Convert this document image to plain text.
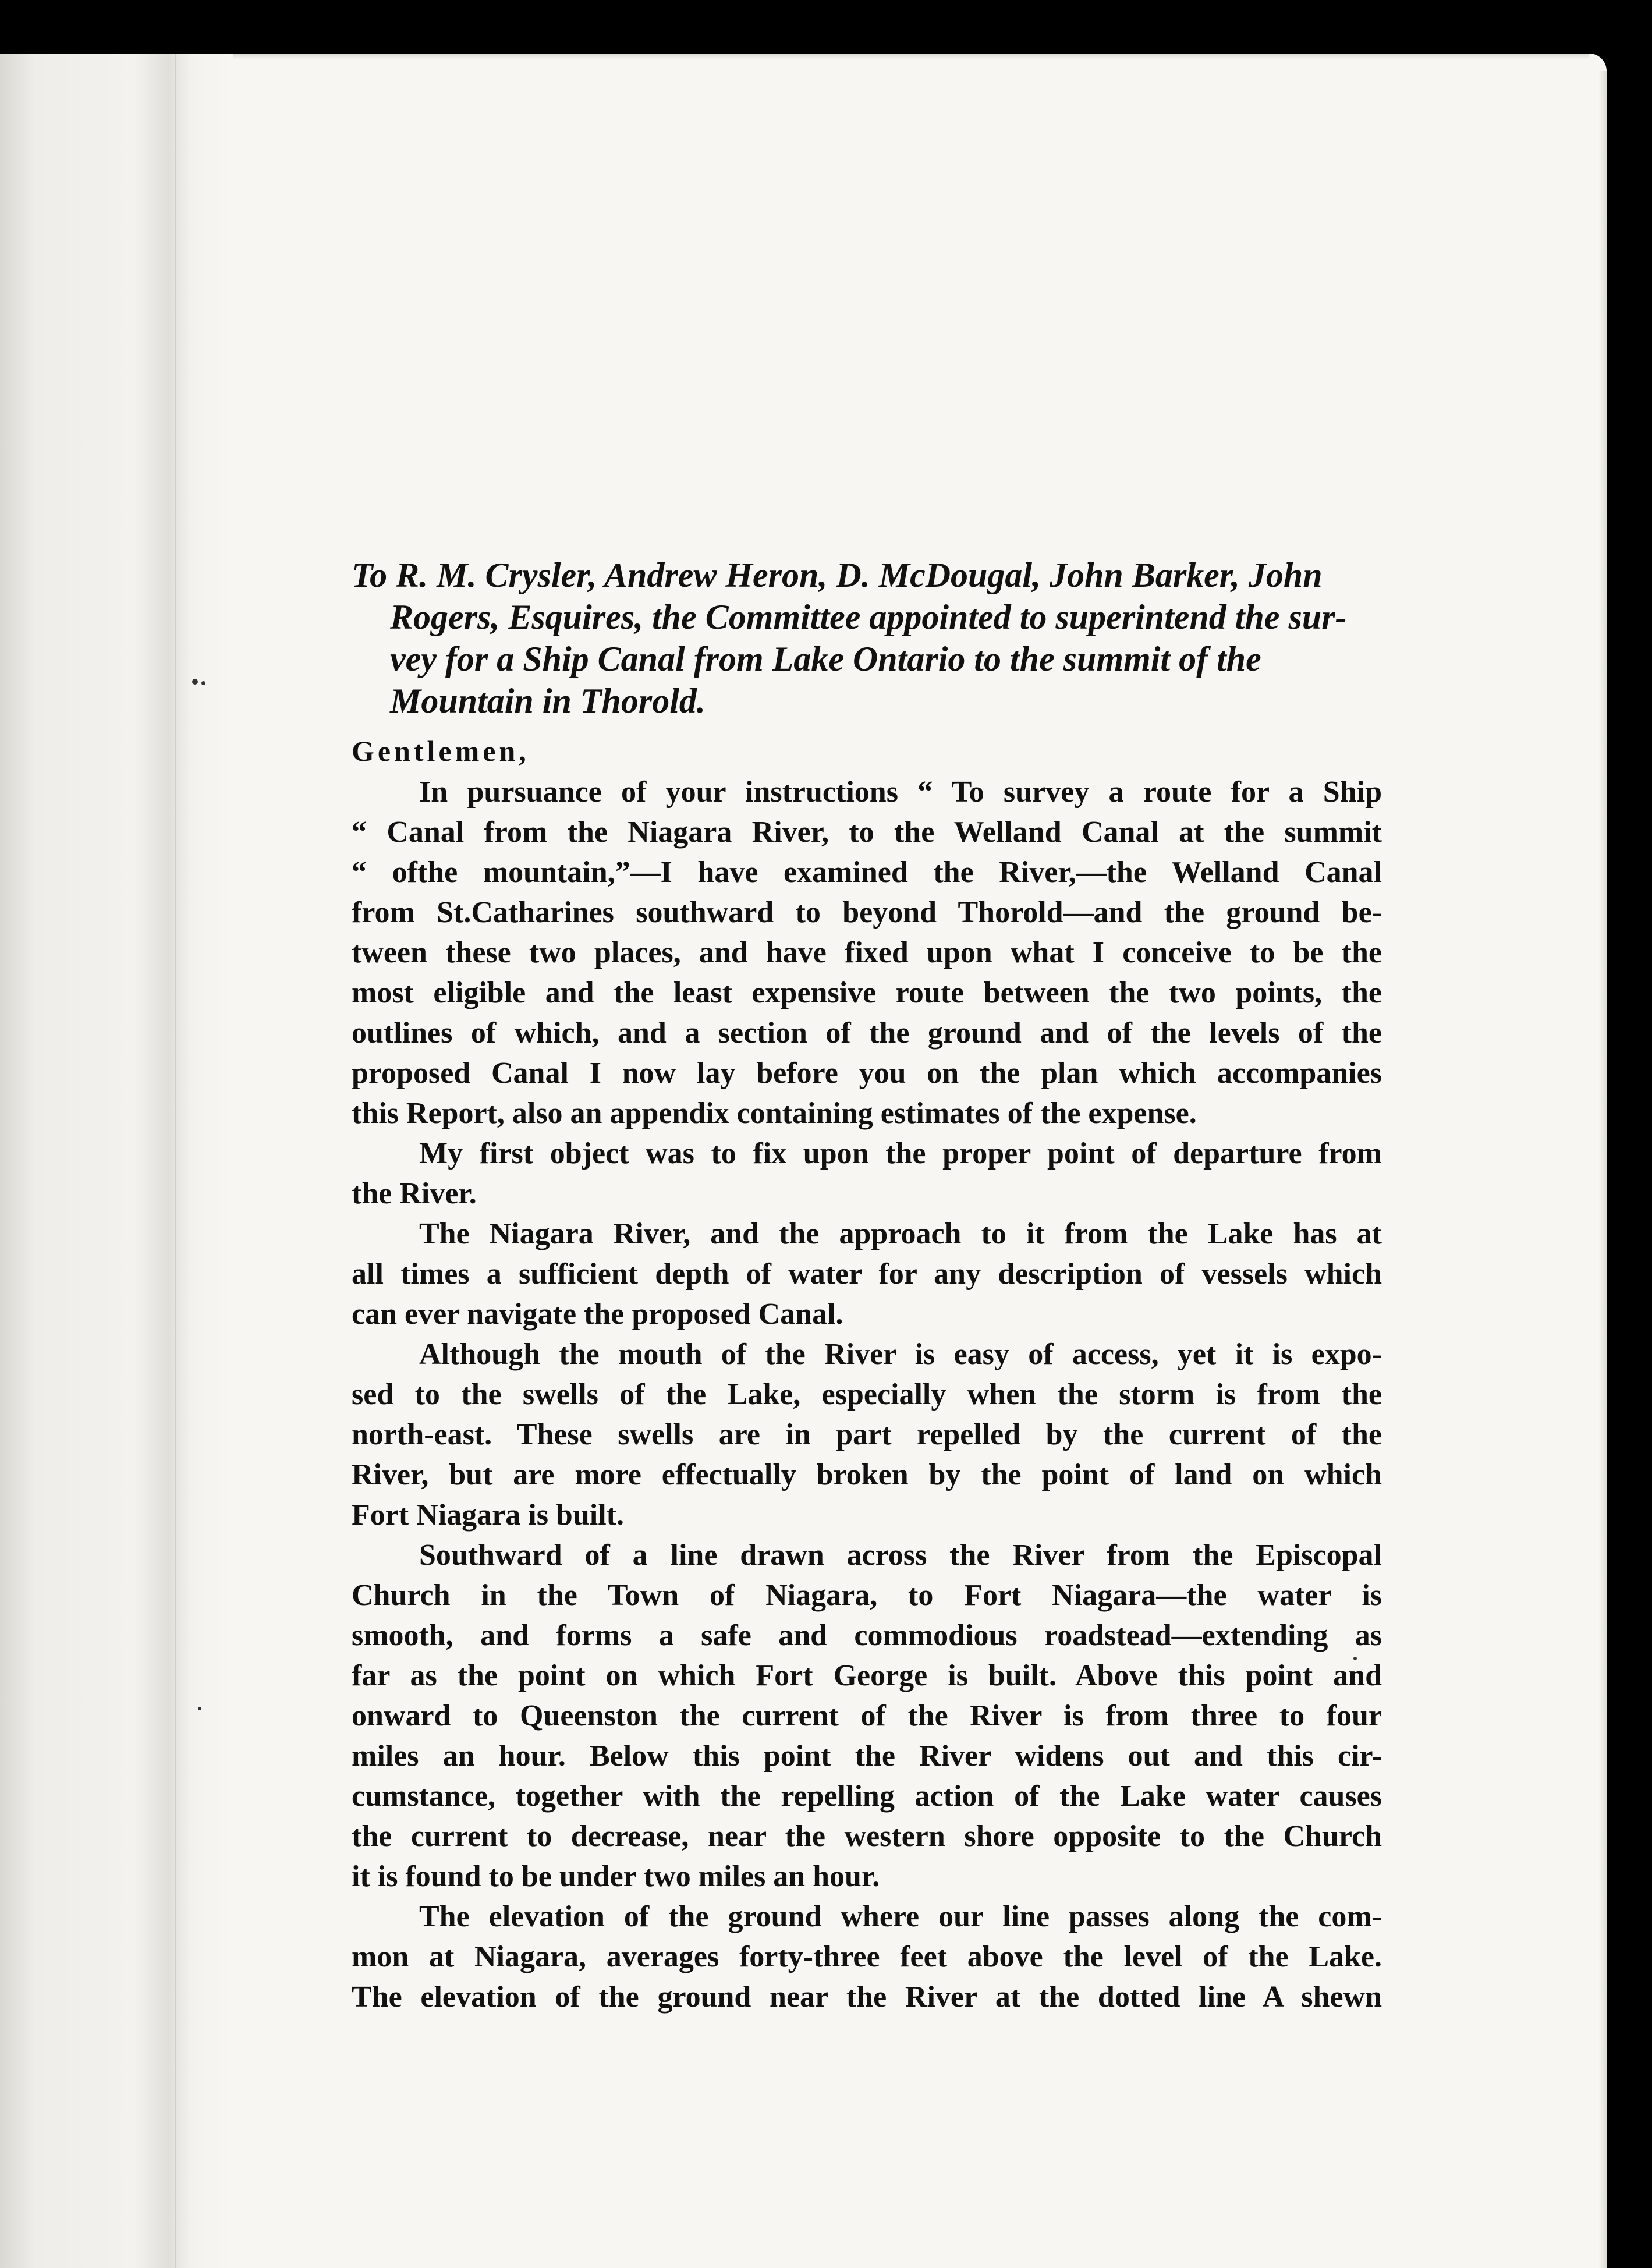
To R. M. Crysler, Andrew Heron, D. McDougal, John Barker, John
Rogers, Esquires, the Committee appointed to superintend the sur-
vey for a Ship Canal from Lake Ontario to the summit of the
Mountain in Thorold.

Gentlemen,

In pursuance of your instructions “ To survey a route for a Ship
“ Canal from the Niagara River, to the Welland Canal at the summit
“ ofthe mountain,”—I have examined the River,—the Welland Canal
from St.Catharines southward to beyond Thorold—and the ground be-
tween these two places, and have fixed upon what I conceive to be the
most eligible and the least expensive route between the two points, the
outlines of which, and a section of the ground and of the levels of the
proposed Canal I now lay before you on the plan which accompanies
this Report, also an appendix containing estimates of the expense.
My first object was to fix upon the proper point of departure from
the River.
The Niagara River, and the approach to it from the Lake has at
all times a sufficient depth of water for any description of vessels which
can ever navigate the proposed Canal.
Although the mouth of the River is easy of access, yet it is expo-
sed to the swells of the Lake, especially when the storm is from the
north-east. These swells are in part repelled by the current of the
River, but are more effectually broken by the point of land on which
Fort Niagara is built.
Southward of a line drawn across the River from the Episcopal
Church in the Town of Niagara, to Fort Niagara—the water is
smooth, and forms a safe and commodious roadstead—extending as
far as the point on which Fort George is built. Above this point and
onward to Queenston the current of the River is from three to four
miles an hour. Below this point the River widens out and this cir-
cumstance, together with the repelling action of the Lake water causes
the current to decrease, near the western shore opposite to the Church
it is found to be under two miles an hour.
The elevation of the ground where our line passes along the com-
mon at Niagara, averages forty-three feet above the level of the Lake.
The elevation of the ground near the River at the dotted line A shewn
